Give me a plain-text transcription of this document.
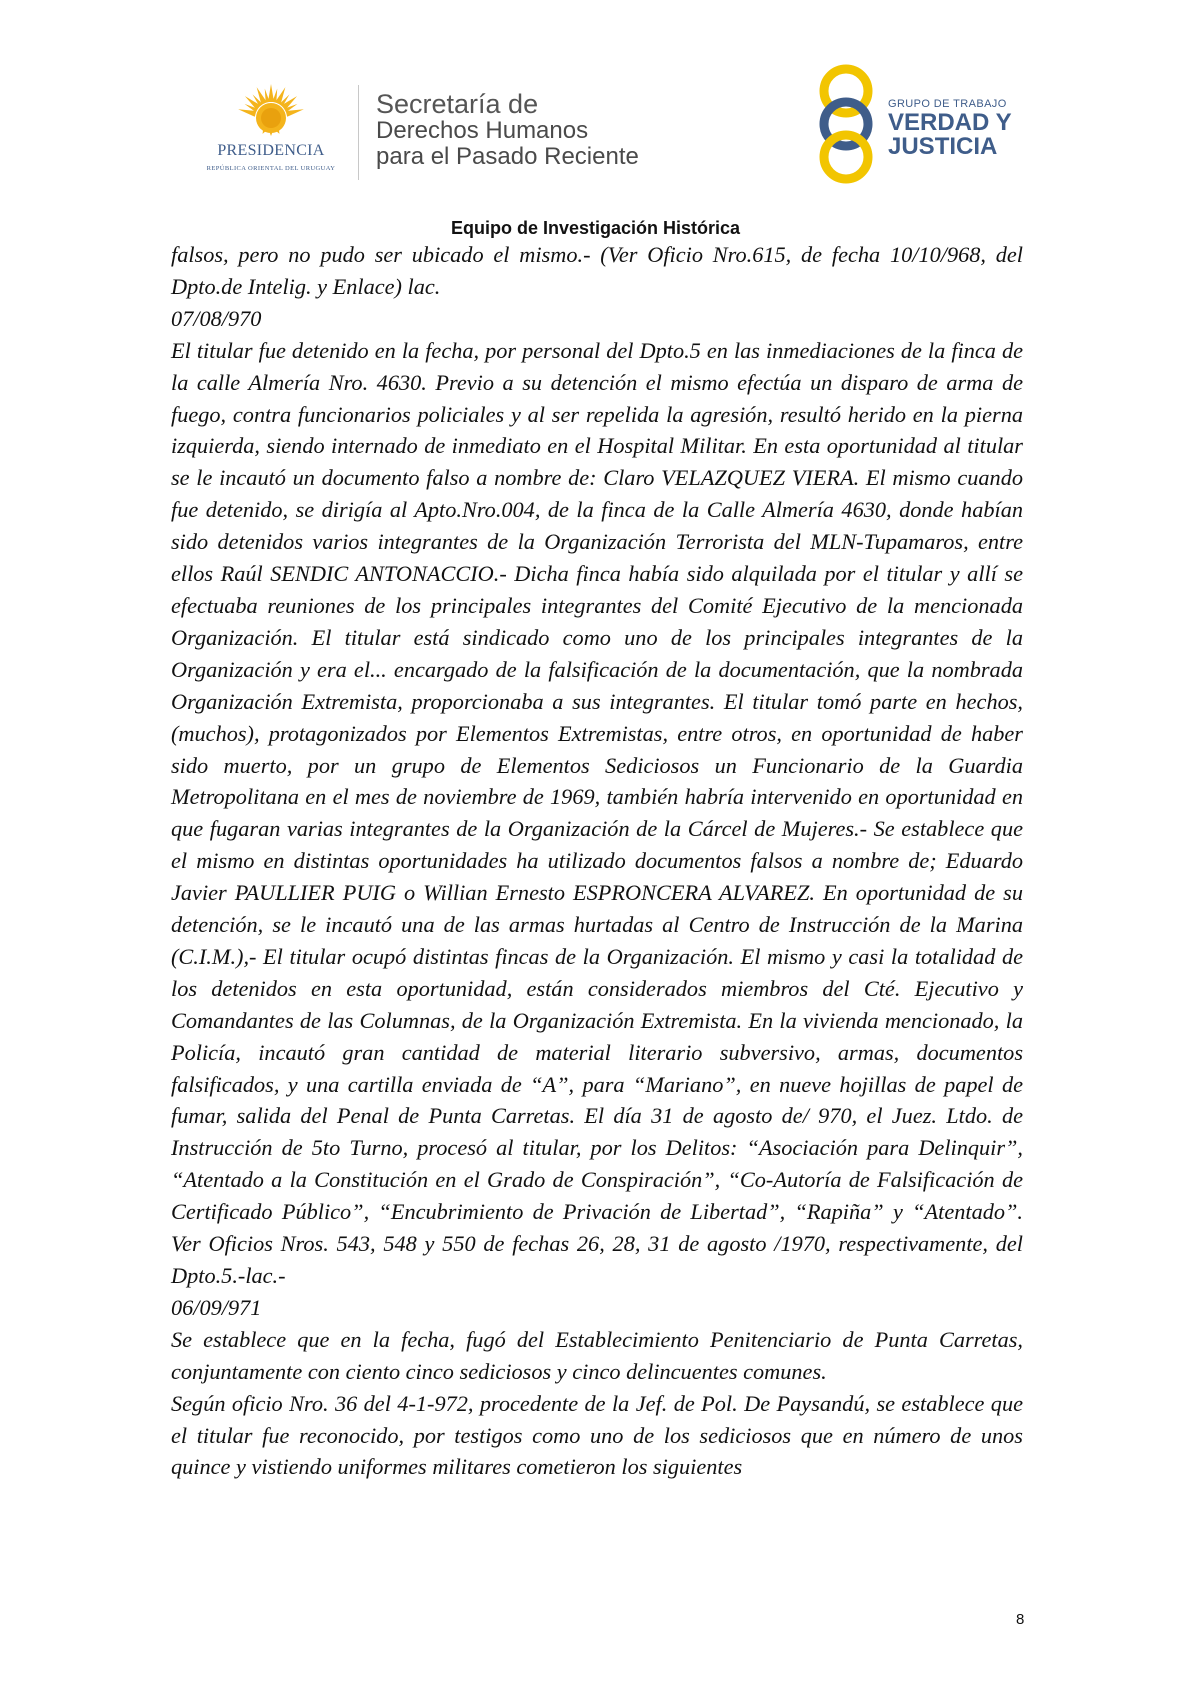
PRESIDENCIA
REPÚBLICA ORIENTAL DEL URUGUAY
Secretaría de
Derechos Humanos
para el Pasado Reciente
GRUPO DE TRABAJO
VERDAD Y
JUSTICIA
Equipo de Investigación Histórica

falsos, pero no pudo ser ubicado el mismo.- (Ver Oficio Nro.615, de fecha 10/10/968, del Dpto.de Intelig. y Enlace) lac.

07/08/970

El titular fue detenido en la fecha, por personal del Dpto.5 en las inmediaciones de la finca de la calle Almería Nro. 4630. Previo a su detención el mismo efectúa un disparo de arma de fuego, contra funcionarios policiales y al ser repelida la agresión, resultó herido en la pierna izquierda, siendo internado de inmediato en el Hospital Militar. En esta oportunidad al titular se le incautó un documento falso a nombre de: Claro VELAZQUEZ VIERA. El mismo cuando fue detenido, se dirigía al Apto.Nro.004, de la finca de la Calle Almería 4630, donde habían sido detenidos varios integrantes de la Organización Terrorista del MLN-Tupamaros, entre ellos Raúl SENDIC ANTONACCIO.- Dicha finca había sido alquilada por el titular y allí se efectuaba reuniones de los principales integrantes del Comité Ejecutivo de la mencionada Organización. El titular está sindicado como uno de los principales integrantes de la Organización y era el... encargado de la falsificación de la documentación, que la nombrada Organización Extremista, proporcionaba a sus integrantes. El titular tomó parte en hechos, (muchos), protagonizados por Elementos Extremistas, entre otros, en oportunidad de haber sido muerto, por un grupo de Elementos Sediciosos un Funcionario de la Guardia Metropolitana en el mes de noviembre de 1969, también habría intervenido en oportunidad en que fugaran varias integrantes de la Organización de la Cárcel de Mujeres.- Se establece que el mismo en distintas oportunidades ha utilizado documentos falsos a nombre de; Eduardo Javier PAULLIER PUIG o Willian Ernesto ESPRONCERA ALVAREZ. En oportunidad de su detención, se le incautó una de las armas hurtadas al Centro de Instrucción de la Marina (C.I.M.),- El titular ocupó distintas fincas de la Organización. El mismo y casi la totalidad de los detenidos en esta oportunidad, están considerados miembros del Cté. Ejecutivo y Comandantes de las Columnas, de la Organización Extremista. En la vivienda mencionado, la Policía, incautó gran cantidad de material literario subversivo, armas, documentos falsificados, y una cartilla enviada de “A”, para “Mariano”, en nueve hojillas de papel de fumar, salida del Penal de Punta Carretas. El día 31 de agosto de/ 970, el Juez. Ltdo. de Instrucción de 5to Turno, procesó al titular, por los Delitos: “Asociación para Delinquir”, “Atentado a la Constitución en el Grado de Conspiración”, “Co-Autoría de Falsificación de Certificado Público”, “Encubrimiento de Privación de Libertad”, “Rapiña” y “Atentado”. Ver Oficios Nros. 543, 548 y 550 de fechas 26, 28, 31 de agosto /1970, respectivamente, del Dpto.5.-lac.-

06/09/971

Se establece que en la fecha, fugó del Establecimiento Penitenciario de Punta Carretas, conjuntamente con ciento cinco sediciosos y cinco delincuentes comunes.

Según oficio Nro. 36 del 4-1-972, procedente de la Jef. de Pol. De Paysandú, se establece que el titular fue reconocido, por testigos como uno de los sediciosos que en número de unos quince y vistiendo uniformes militares cometieron los siguientes

8
